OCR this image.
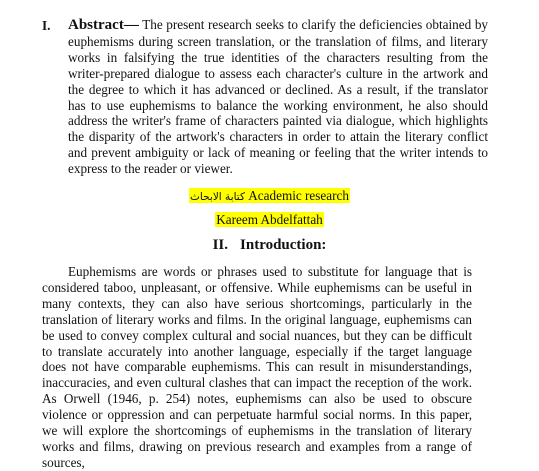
I. Abstract— The present research seeks to clarify the deficiencies obtained by euphemisms during screen translation, or the translation of films, and literary works in falsifying the true identities of the characters resulting from the writer-prepared dialogue to assess each character's culture in the artwork and the degree to which it has advanced or declined. As a result, if the translator has to use euphemisms to balance the working environment, he also should address the writer's frame of characters painted via dialogue, which highlights the disparity of the artwork's characters in order to attain the literary conflict and prevent ambiguity or lack of meaning or feeling that the writer intends to express to the reader or viewer.
كتابة الابحاث Academic research
Kareem Abdelfattah
II. Introduction:

Euphemisms are words or phrases used to substitute for language that is considered taboo, unpleasant, or offensive. While euphemisms can be useful in many contexts, they can also have serious shortcomings, particularly in the translation of literary works and films. In the original language, euphemisms can be used to convey complex cultural and social nuances, but they can be difficult to translate accurately into another language, especially if the target language does not have comparable euphemisms. This can result in misunderstandings, inaccuracies, and even cultural clashes that can impact the reception of the work. As Orwell (1946, p. 254) notes, euphemisms can also be used to obscure violence or oppression and can perpetuate harmful social norms. In this paper, we will explore the shortcomings of euphemisms in the translation of literary works and films, drawing on previous research and examples from a range of sources,
